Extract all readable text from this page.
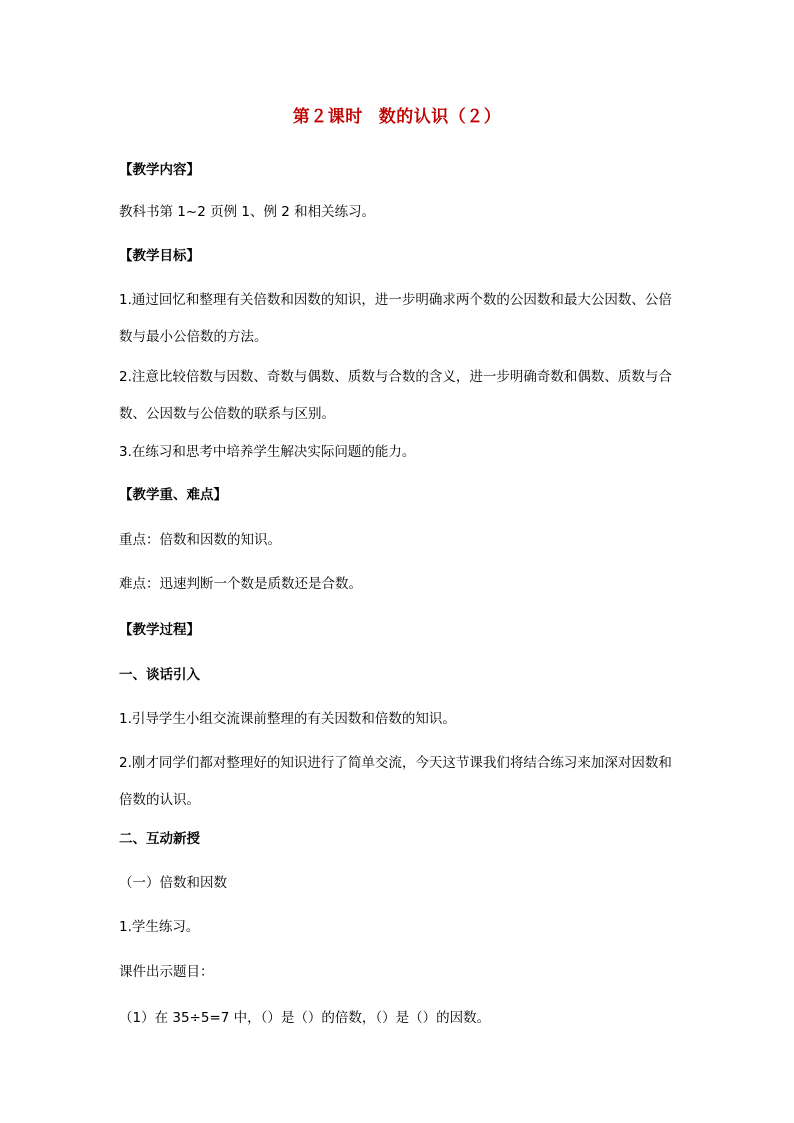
第２课时 数的认识（２）
【教学内容】
教科书第 1~2 页例 1、例 2 和相关练习。
【教学目标】
1.通过回忆和整理有关倍数和因数的知识，进一步明确求两个数的公因数和最大公因数、公倍数与最小公倍数的方法。
2.注意比较倍数与因数、奇数与偶数、质数与合数的含义，进一步明确奇数和偶数、质数与合数、公因数与公倍数的联系与区别。
3.在练习和思考中培养学生解决实际问题的能力。
【教学重、难点】
重点：倍数和因数的知识。
难点：迅速判断一个数是质数还是合数。
【教学过程】
一、谈话引入
1.引导学生小组交流课前整理的有关因数和倍数的知识。
2.刚才同学们都对整理好的知识进行了简单交流，今天这节课我们将结合练习来加深对因数和倍数的认识。
二、互动新授
（一）倍数和因数
1.学生练习。
课件出示题目：
（1）在 35÷5=7 中，（）是（）的倍数，（）是（）的因数。
